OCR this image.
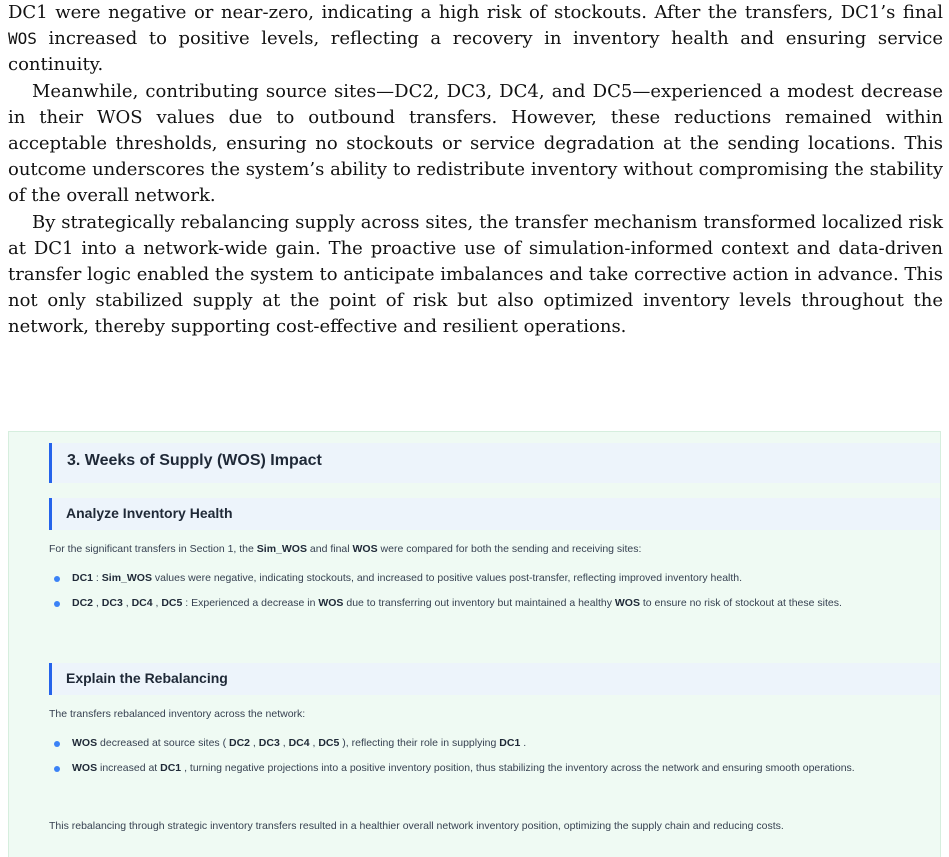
DC1 were negative or near-zero, indicating a high risk of stockouts. After the transfers, DC1’s final WOS increased to positive levels, reflecting a recovery in inventory health and ensuring service continuity.

Meanwhile, contributing source sites—DC2, DC3, DC4, and DC5—experienced a modest decrease in their WOS values due to outbound transfers. However, these reductions remained within acceptable thresholds, ensuring no stockouts or service degradation at the sending locations. This outcome underscores the system’s ability to redistribute inventory without compromising the stability of the overall network.

By strategically rebalancing supply across sites, the transfer mechanism transformed localized risk at DC1 into a network-wide gain. The proactive use of simulation-informed context and data-driven transfer logic enabled the system to anticipate imbalances and take corrective action in advance. This not only stabilized supply at the point of risk but also optimized inventory levels throughout the network, thereby supporting cost-effective and resilient operations.

3. Weeks of Supply (WOS) Impact
Analyze Inventory Health
For the significant transfers in Section 1, the Sim_WOS and final WOS were compared for both the sending and receiving sites:
DC1 : Sim_WOS values were negative, indicating stockouts, and increased to positive values post-transfer, reflecting improved inventory health.
DC2 , DC3 , DC4 , DC5 : Experienced a decrease in WOS due to transferring out inventory but maintained a healthy WOS to ensure no risk of stockout at these sites.
Explain the Rebalancing
The transfers rebalanced inventory across the network:
WOS decreased at source sites ( DC2 , DC3 , DC4 , DC5 ), reflecting their role in supplying DC1 .
WOS increased at DC1 , turning negative projections into a positive inventory position, thus stabilizing the inventory across the network and ensuring smooth operations.
This rebalancing through strategic inventory transfers resulted in a healthier overall network inventory position, optimizing the supply chain and reducing costs.
